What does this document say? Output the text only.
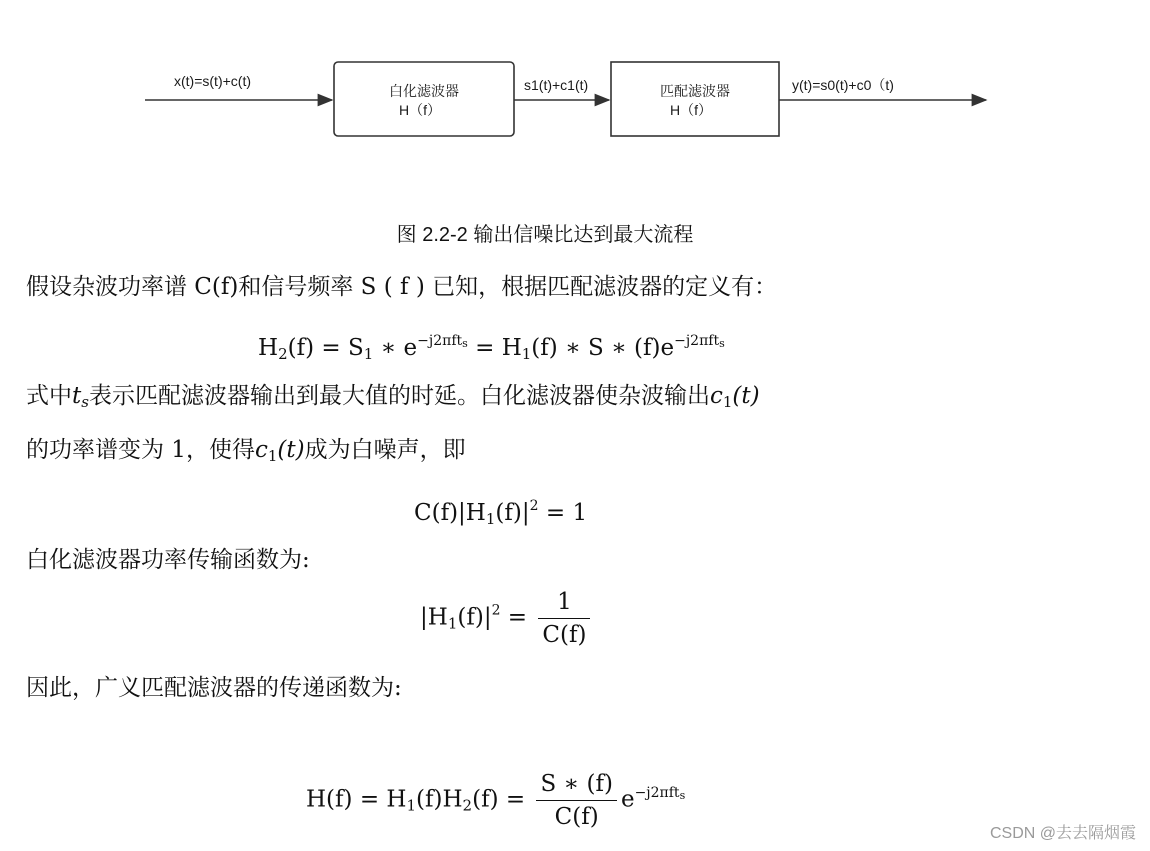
x(t)=s(t)+c(t)
白化滤波器
H（f）
s1(t)+c1(t)	匹配滤波器
H（f）
y(t)=s0(t)+c0（t)
图 2.2-2 输出信噪比达到最大流程
假设杂波功率谱 C(f)和信号频率 S ( f ) 已知，根据匹配滤波器的定义有：
$H_2(f) = S_1$ ∗ $e^{-j2\pi ft_s} = H_1(f)$ ∗ S ∗ $(f)e^{-j2\pi ft_s}$
式中$t_s$表示匹配滤波器输出到最大值的时延。白化滤波器使杂波输出$c_1(t)$
的功率谱变为 1，使得$c_1(t)$成为白噪声，即
$C(f)|H_1(f)|^2 = 1$
白化滤波器功率传输函数为:
$|H_1(f)|^2 = \frac{1}{C(f)}$
因此，广义匹配滤波器的传递函数为:
$H(f) = H_1(f)H_2(f) = \frac{S ∗ (f)}{C(f)} e^{-j2\pi ft_s}$
CSDN @去去隔烟霞
